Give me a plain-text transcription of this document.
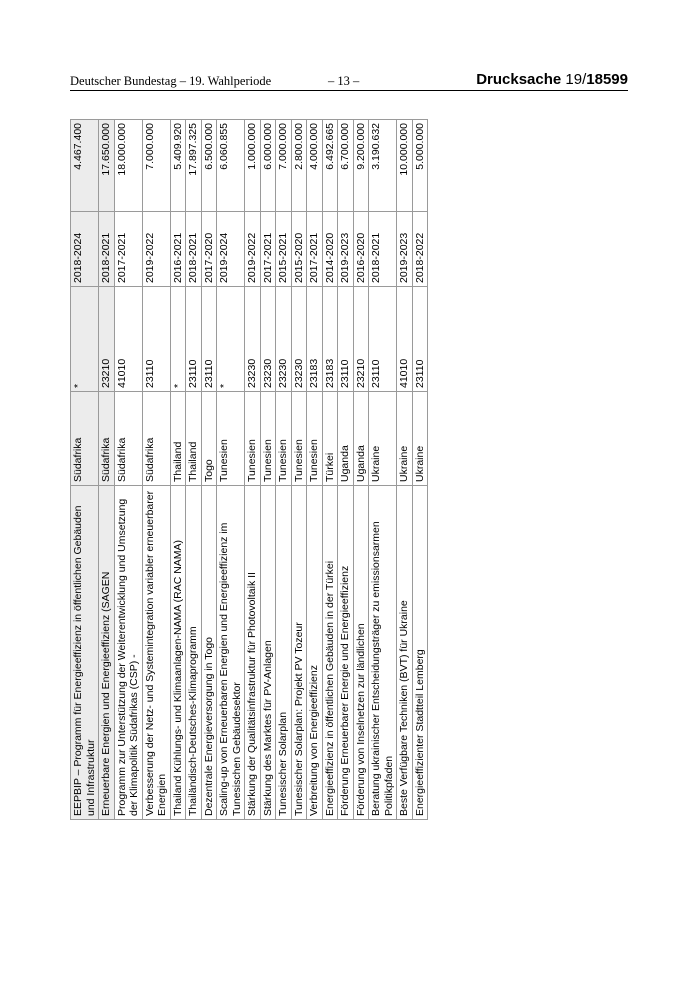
Deutscher Bundestag – 19. Wahlperiode	– 13 –	Drucksache 19/18599
EEPBIP – Programm für Energieeffizienz in öffentlichen Gebäuden und Infrastruktur	Südafrika	*	2018-2024	4.467.400
Erneuerbare Energien und Energieeffizienz (SAGEN	Südafrika	23210	2018-2021	17.650.000
Programm zur Unterstützung der Weiterentwicklung und Umsetzung der Klimapolitik Südafrikas (CSP) -	Südafrika	41010	2017-2021	18.000.000
Verbesserung der Netz- und Systemintegration variabler erneuerbarer Energien	Südafrika	23110	2019-2022	7.000.000
Thailand Kühlungs- und Klimaanlagen-NAMA (RAC NAMA)	Thailand	*	2016-2021	5.409.920
Thailändisch-Deutsches-Klimaprogramm	Thailand	23110	2018-2021	17.897.325
Dezentrale Energieversorgung in Togo	Togo	23110	2017-2020	6.500.000
Scaling-up von Erneuerbaren Energien und Energieeffizienz im Tunesischen Gebäudesektor	Tunesien	*	2019-2024	6.060.855
Stärkung der Qualitätsinfrastruktur für Photovoltaik II	Tunesien	23230	2019-2022	1.000.000
Stärkung des Marktes für PV-Anlagen	Tunesien	23230	2017-2021	6.000.000
Tunesischer Solarplan	Tunesien	23230	2015-2021	7.000.000
Tunesischer Solarplan: Projekt PV Tozeur	Tunesien	23230	2015-2020	2.800.000
Verbreitung von Energieeffizienz	Tunesien	23183	2017-2021	4.000.000
Energieeffizienz in öffentlichen Gebäuden in der Türkei	Türkei	23183	2014-2020	6.492.665
Förderung Erneuerbarer Energie und Energieeffizienz	Uganda	23110	2019-2023	6.700.000
Förderung von Inselnetzen zur ländlichen	Uganda	23210	2016-2020	9.200.000
Beratung ukrainischer Entscheidungsträger zu emissionsarmen Politikpfaden	Ukraine	23110	2018-2021	3.190.632
Beste Verfügbare Techniken (BVT) für Ukraine	Ukraine	41010	2019-2023	10.000.000
Energieeffizienter Stadtteil Lemberg	Ukraine	23110	2018-2022	5.000.000
